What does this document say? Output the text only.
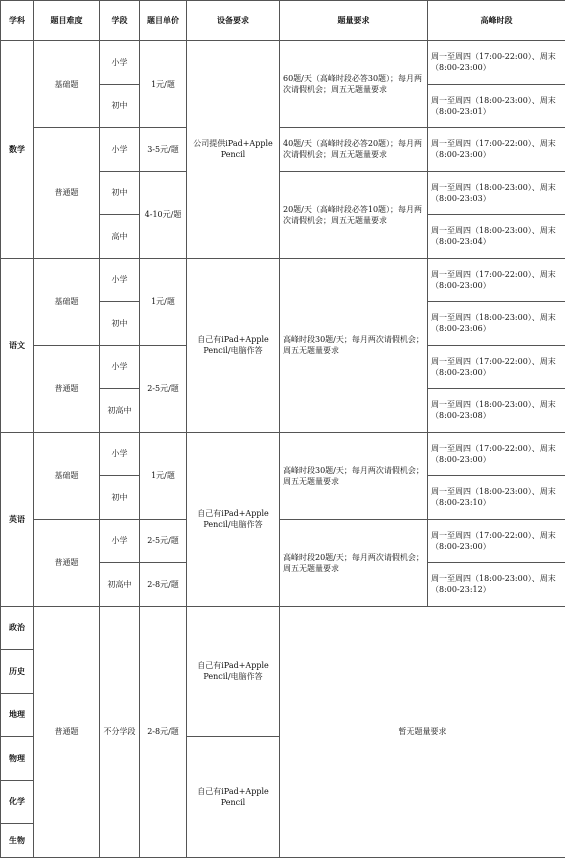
学科	题目难度	学段	题目单价	设备要求	题量要求	高峰时段
数学	基础题	小学	1元/题	公司提供iPad+Apple Pencil	60题/天（高峰时段必答30题）；每月两次请假机会；周五无题量要求	周一至周四（17:00-22:00）、周末（8:00-23:00）
		初中				周一至周四（18:00-23:00）、周末（8:00-23:01）
	普通题	小学	3-5元/题		40题/天（高峰时段必答20题）；每月两次请假机会；周五无题量要求	周一至周四（17:00-22:00）、周末（8:00-23:00）
		初中	4-10元/题		20题/天（高峰时段必答10题）；每月两次请假机会；周五无题量要求	周一至周四（18:00-23:00）、周末（8:00-23:03）
		高中				周一至周四（18:00-23:00）、周末（8:00-23:04）
语文	基础题	小学	1元/题	自己有iPad+Apple Pencil/电脑作答	高峰时段30题/天；每月两次请假机会；周五无题量要求	周一至周四（17:00-22:00）、周末（8:00-23:00）
		初中				周一至周四（18:00-23:00）、周末（8:00-23:06）
	普通题	小学	2-5元/题			周一至周四（17:00-22:00）、周末（8:00-23:00）
		初高中				周一至周四（18:00-23:00）、周末（8:00-23:08）
英语	基础题	小学	1元/题	自己有iPad+Apple Pencil/电脑作答	高峰时段30题/天；每月两次请假机会；周五无题量要求	周一至周四（17:00-22:00）、周末（8:00-23:00）
		初中				周一至周四（18:00-23:00）、周末（8:00-23:10）
	普通题	小学	2-5元/题		高峰时段20题/天；每月两次请假机会；周五无题量要求	周一至周四（17:00-22:00）、周末（8:00-23:00）
		初高中	2-8元/题			周一至周四（18:00-23:00）、周末（8:00-23:12）
政治	普通题	不分学段	2-8元/题	自己有iPad+Apple Pencil/电脑作答	暂无题量要求	
历史						
地理						
物理				自己有iPad+Apple Pencil		
化学						
生物						
